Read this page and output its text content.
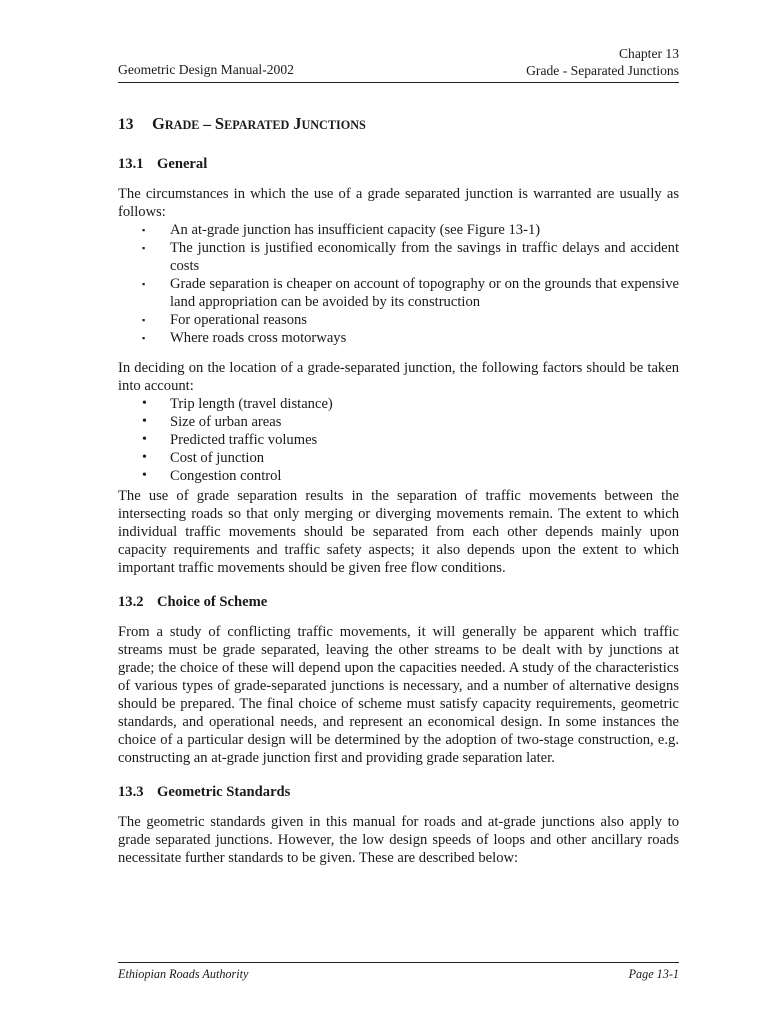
Geometric Design Manual-2002
Chapter 13
Grade - Separated Junctions
13 GRADE – SEPARATED JUNCTIONS
13.1 General

The circumstances in which the use of a grade separated junction is warranted are usually as follows:

▪	An at-grade junction has insufficient capacity (see Figure 13-1)
▪	The junction is justified economically from the savings in traffic delays and accident costs
▪	Grade separation is cheaper on account of topography or on the grounds that expensive land appropriation can be avoided by its construction
▪	For operational reasons
▪	Where roads cross motorways

In deciding on the location of a grade-separated junction, the following factors should be taken into account:

•	Trip length (travel distance)
•	Size of urban areas
•	Predicted traffic volumes
•	Cost of junction
•	Congestion control

The use of grade separation results in the separation of traffic movements between the intersecting roads so that only merging or diverging movements remain. The extent to which individual traffic movements should be separated from each other depends mainly upon capacity requirements and traffic safety aspects; it also depends upon the extent to which important traffic movements should be given free flow conditions.

13.2 Choice of Scheme

From a study of conflicting traffic movements, it will generally be apparent which traffic streams must be grade separated, leaving the other streams to be dealt with by junctions at grade; the choice of these will depend upon the capacities needed. A study of the characteristics of various types of grade-separated junctions is necessary, and a number of alternative designs should be prepared. The final choice of scheme must satisfy capacity requirements, geometric standards, and operational needs, and represent an economical design. In some instances the choice of a particular design will be determined by the adoption of two-stage construction, e.g. constructing an at-grade junction first and providing grade separation later.

13.3 Geometric Standards

The geometric standards given in this manual for roads and at-grade junctions also apply to grade separated junctions. However, the low design speeds of loops and other ancillary roads necessitate further standards to be given. These are described below:

Ethiopian Roads Authority	Page 13-1
